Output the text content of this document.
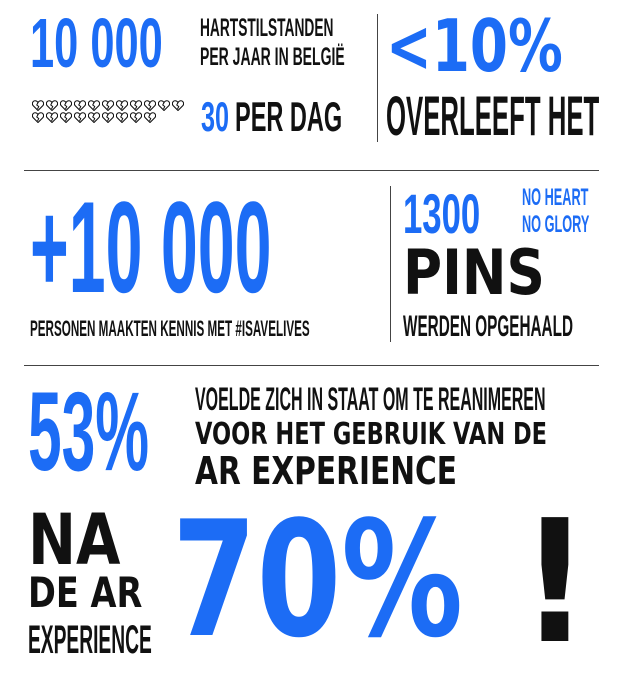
10 000 HARTSTILSTANDEN
PER JAAR IN BELGIË
30 PER DAG
<10%
OVERLEEFT HET
+10 000
PERSONEN MAAKTEN KENNIS MET #ISAVELIVES
1300 NO HEART
NO GLORY
PINS
WERDEN OPGEHAALD
53% VOELDE ZICH IN STAAT OM TE REANIMEREN
VOOR HET GEBRUIK VAN DE
AR EXPERIENCE
NA
DE AR
EXPERIENCE 70% !
